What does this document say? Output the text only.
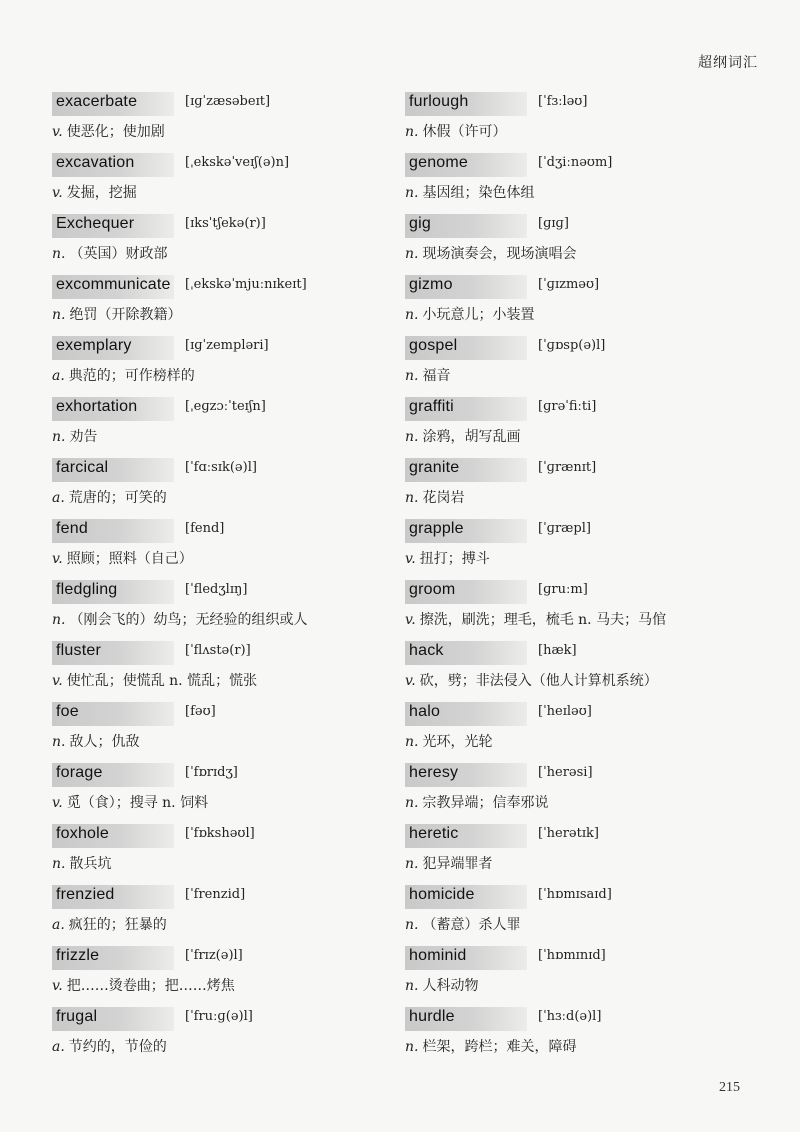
超纲词汇
exacerbate	[ɪɡˈzæsəbeɪt]
v. 使恶化；使加剧
excavation	[ˌekskəˈveɪʃ(ə)n]
v. 发掘，挖掘
Exchequer	[ɪksˈtʃekə(r)]
n. （英国）财政部
excommunicate [ˌekskəˈmjuːnɪkeɪt]
n. 绝罚（开除教籍）
exemplary	[ɪɡˈzempləri]
a. 典范的；可作榜样的
exhortation	[ˌeɡzɔːˈteɪʃn]
n. 劝告
farcical	[ˈfɑːsɪk(ə)l]
a. 荒唐的；可笑的
fend	[fend]
v. 照顾；照料（自己）
fledgling	[ˈfledʒlɪŋ]
n. （刚会飞的）幼鸟；无经验的组织或人
fluster	[ˈflʌstə(r)]
v. 使忙乱；使慌乱 n. 慌乱；慌张
foe	[fəʊ]
n. 敌人；仇敌
forage	[ˈfɒrɪdʒ]
v. 觅（食）；搜寻 n. 饲料
foxhole	[ˈfɒkshəʊl]
n. 散兵坑
frenzied	[ˈfrenzid]
a. 疯狂的；狂暴的
frizzle	[ˈfrɪz(ə)l]
v. 把……烫卷曲；把……烤焦
frugal	[ˈfruːɡ(ə)l]
a. 节约的，节俭的
furlough	[ˈfɜːləʊ]
n. 休假（许可）
genome	[ˈdʒiːnəʊm]
n. 基因组；染色体组
gig	[ɡɪɡ]
n. 现场演奏会，现场演唱会
gizmo	[ˈɡɪzməʊ]
n. 小玩意儿；小装置
gospel	[ˈɡɒsp(ə)l]
n. 福音
graffiti	[ɡrəˈfiːti]
n. 涂鸦，胡写乱画
granite	[ˈɡrænɪt]
n. 花岗岩
grapple	[ˈɡræpl]
v. 扭打；搏斗
groom	[ɡruːm]
v. 擦洗，刷洗；理毛，梳毛 n. 马夫；马倌
hack	[hæk]
v. 砍，劈；非法侵入（他人计算机系统）
halo	[ˈheɪləʊ]
n. 光环，光轮
heresy	[ˈherəsi]
n. 宗教异端；信奉邪说
heretic	[ˈherətɪk]
n. 犯异端罪者
homicide	[ˈhɒmɪsaɪd]
n. （蓄意）杀人罪
hominid	[ˈhɒmɪnɪd]
n. 人科动物
hurdle	[ˈhɜːd(ə)l]
n. 栏架，跨栏；难关，障碍
215
